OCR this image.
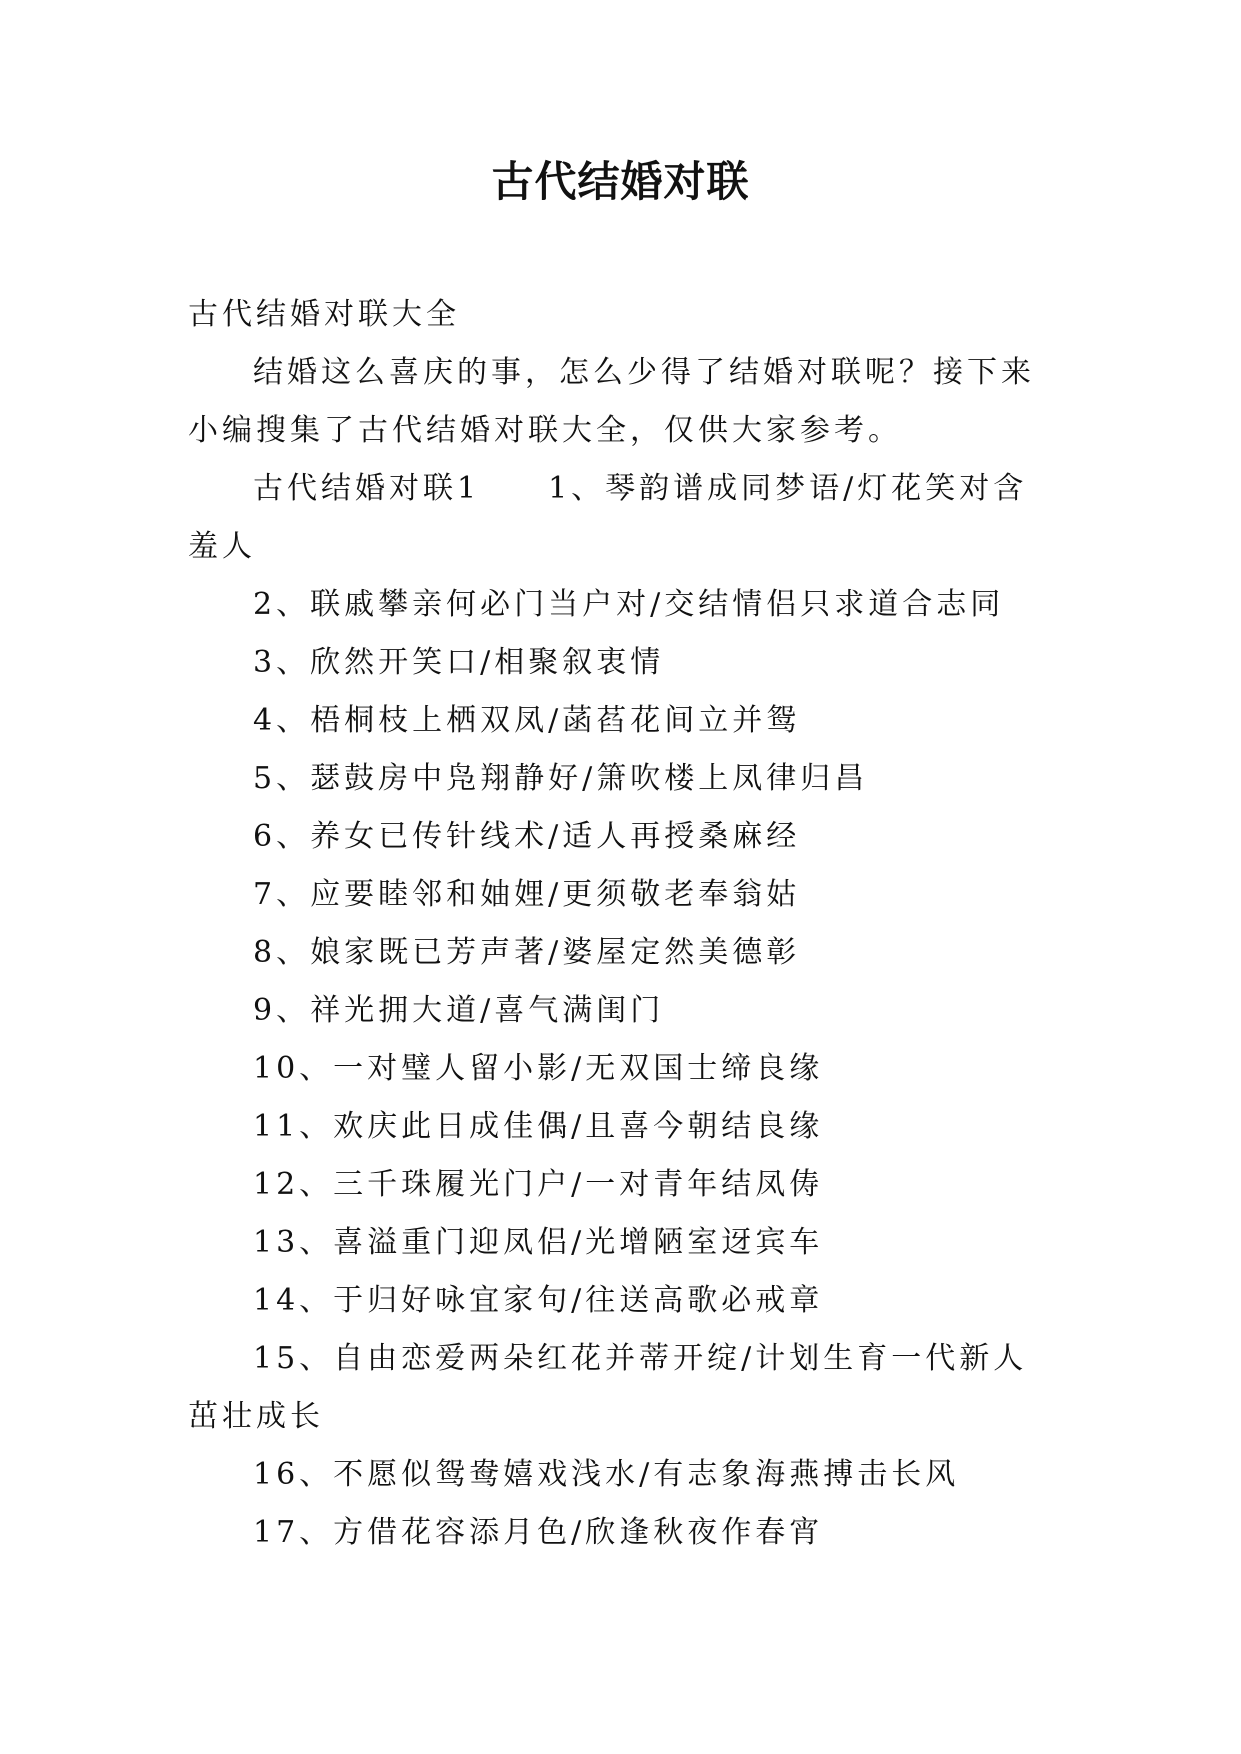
古代结婚对联

古代结婚对联大全

结婚这么喜庆的事，怎么少得了结婚对联呢？接下来小编搜集了古代结婚对联大全，仅供大家参考。

古代结婚对联1　　1、琴韵谱成同梦语/灯花笑对含羞人

2、联戚攀亲何必门当户对/交结情侣只求道合志同

3、欣然开笑口/相聚叙衷情

4、梧桐枝上栖双凤/菡萏花间立并鸳

5、瑟鼓房中凫翔静好/箫吹楼上凤律归昌

6、养女已传针线术/适人再授桑麻经

7、应要睦邻和妯娌/更须敬老奉翁姑

8、娘家既已芳声著/婆屋定然美德彰

9、祥光拥大道/喜气满闺门

10、一对璧人留小影/无双国士缔良缘

11、欢庆此日成佳偶/且喜今朝结良缘

12、三千珠履光门户/一对青年结凤俦

13、喜溢重门迎凤侣/光增陋室迓宾车

14、于归好咏宜家句/往送高歌必戒章

15、自由恋爱两朵红花并蒂开绽/计划生育一代新人茁壮成长

16、不愿似鸳鸯嬉戏浅水/有志象海燕搏击长风

17、方借花容添月色/欣逢秋夜作春宵
